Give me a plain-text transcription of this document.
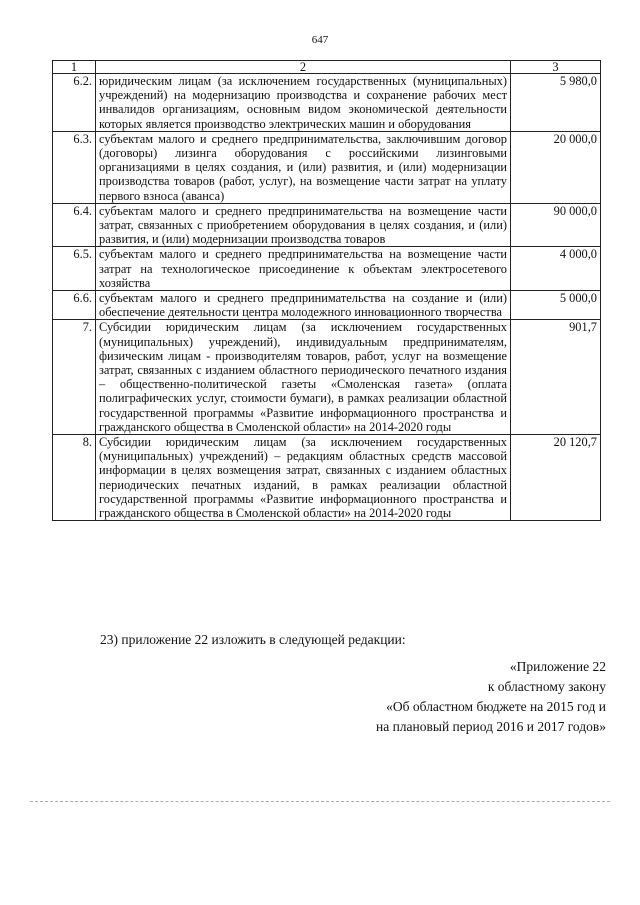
647
1	2	3
6.2.	юридическим лицам (за исключением государственных (муниципальных) учреждений) на модернизацию производства и сохранение рабочих мест инвалидов организациям, основным видом экономической деятельности которых является производство электрических машин и оборудования	5 980,0
6.3.	субъектам малого и среднего предпринимательства, заключившим договор (договоры) лизинга оборудования с российскими лизинговыми организациями в целях создания, и (или) развития, и (или) модернизации производства товаров (работ, услуг), на возмещение части затрат на уплату первого взноса (аванса)	20 000,0
6.4.	субъектам малого и среднего предпринимательства на возмещение части затрат, связанных с приобретением оборудования в целях создания, и (или) развития, и (или) модернизации производства товаров	90 000,0
6.5.	субъектам малого и среднего предпринимательства на возмещение части затрат на технологическое присоединение к объектам электросетевого хозяйства	4 000,0
6.6.	субъектам малого и среднего предпринимательства на создание и (или) обеспечение деятельности центра молодежного инновационного творчества	5 000,0
7.	Субсидии юридическим лицам (за исключением государственных (муниципальных) учреждений), индивидуальным предпринимателям, физическим лицам - производителям товаров, работ, услуг на возмещение затрат, связанных с изданием областного периодического печатного издания – общественно-политической газеты «Смоленская газета» (оплата полиграфических услуг, стоимости бумаги), в рамках реализации областной государственной программы «Развитие информационного пространства и гражданского общества в Смоленской области» на 2014-2020 годы	901,7
8.	Субсидии юридическим лицам (за исключением государственных (муниципальных) учреждений) – редакциям областных средств массовой информации в целях возмещения затрат, связанных с изданием областных периодических печатных изданий, в рамках реализации областной государственной программы «Развитие информационного пространства и гражданского общества в Смоленской области» на 2014-2020 годы	20 120,7
23) приложение 22 изложить в следующей редакции:
«Приложение 22
к областному закону
«Об областном бюджете на 2015 год и
на плановый период 2016 и 2017 годов»
